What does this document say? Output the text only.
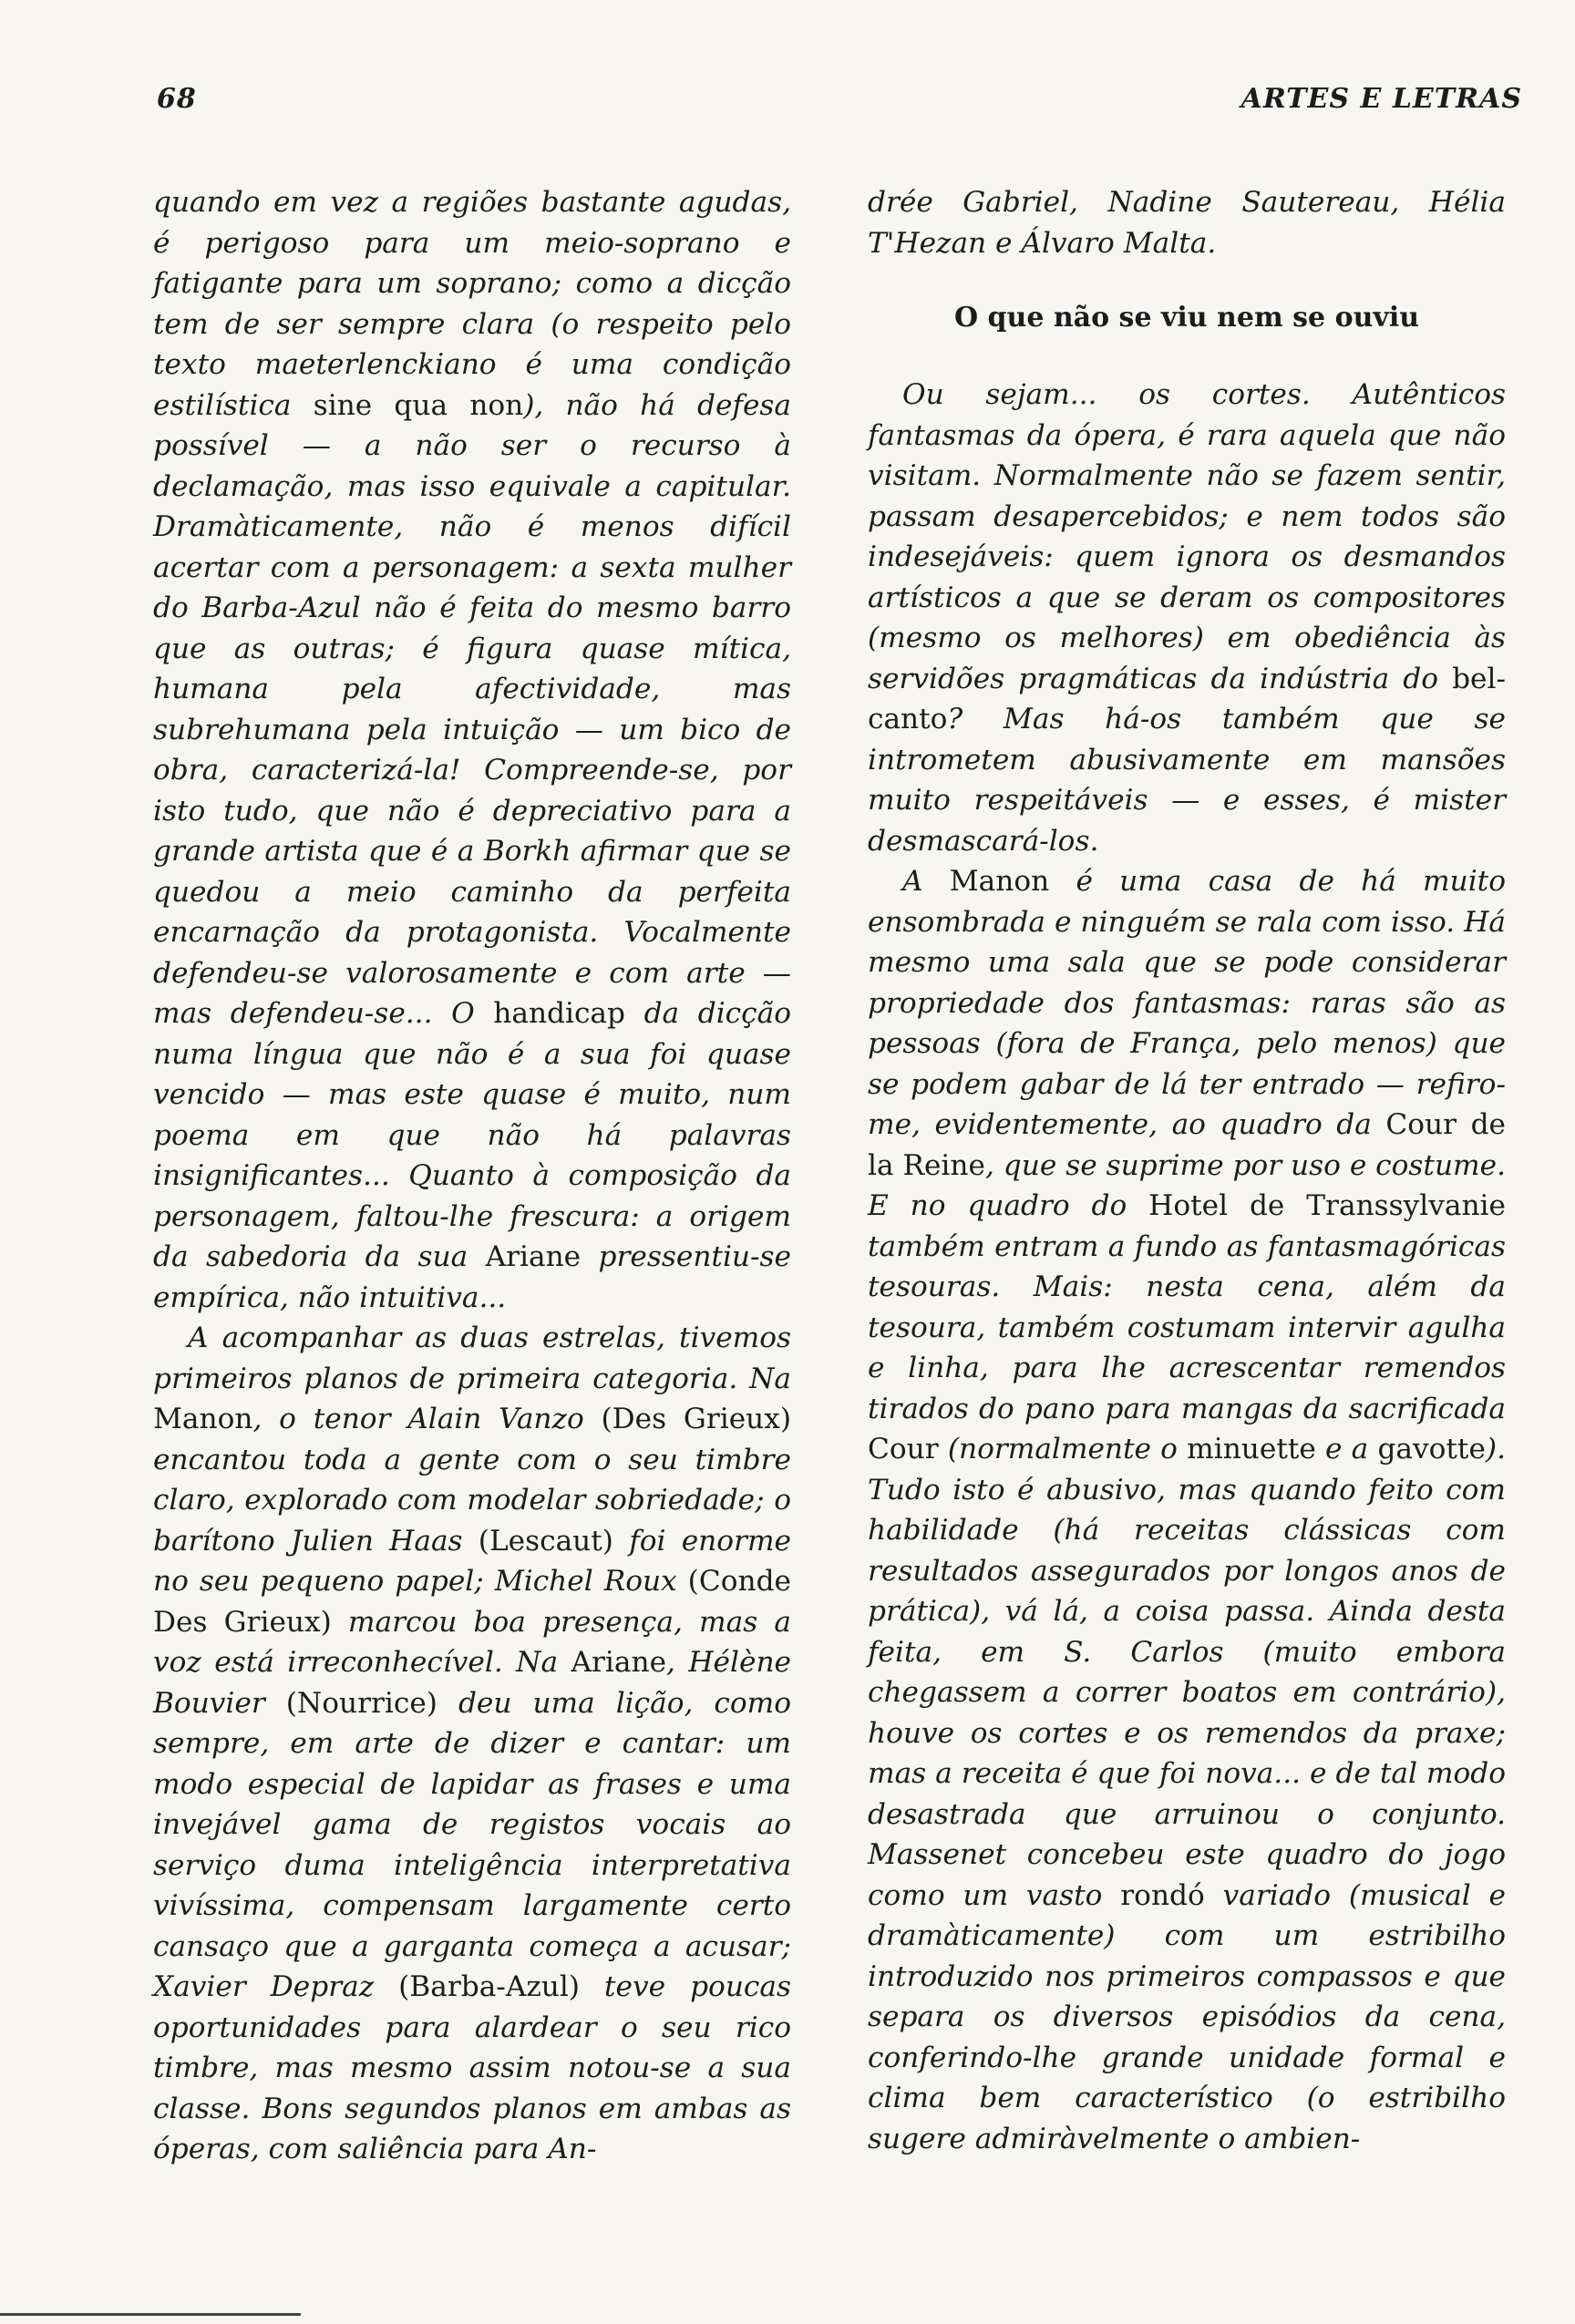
68	ARTES E LETRAS

quando em vez a regiões bastante agudas, é perigoso para um meio-soprano e fatigante para um soprano; como a dicção tem de ser sempre clara (o respeito pelo texto maeterlenckiano é uma condição estilística sine qua non), não há defesa possível — a não ser o recurso à declamação, mas isso equivale a capitular. Dramàticamente, não é menos difícil acertar com a personagem: a sexta mulher do Barba-Azul não é feita do mesmo barro que as outras; é figura quase mítica, humana pela afectividade, mas subrehumana pela intuição — um bico de obra, caracterizá-la! Compreende-se, por isto tudo, que não é depreciativo para a grande artista que é a Borkh afirmar que se quedou a meio caminho da perfeita encarnação da protagonista. Vocalmente defendeu-se valorosamente e com arte — mas defendeu-se... O handicap da dicção numa língua que não é a sua foi quase vencido — mas este quase é muito, num poema em que não há palavras insignificantes... Quanto à composição da personagem, faltou-lhe frescura: a origem da sabedoria da sua Ariane pressentiu-se empírica, não intuitiva...

A acompanhar as duas estrelas, tivemos primeiros planos de primeira categoria. Na Manon, o tenor Alain Vanzo (Des Grieux) encantou toda a gente com o seu timbre claro, explorado com modelar sobriedade; o barítono Julien Haas (Lescaut) foi enorme no seu pequeno papel; Michel Roux (Conde Des Grieux) marcou boa presença, mas a voz está irreconhecível. Na Ariane, Hélène Bouvier (Nourrice) deu uma lição, como sempre, em arte de dizer e cantar: um modo especial de lapidar as frases e uma invejável gama de registos vocais ao serviço duma inteligência interpretativa vivíssima, compensam largamente certo cansaço que a garganta começa a acusar; Xavier Depraz (Barba-Azul) teve poucas oportunidades para alardear o seu rico timbre, mas mesmo assim notou-se a sua classe. Bons segundos planos em ambas as óperas, com saliência para An-

drée Gabriel, Nadine Sautereau, Hélia T'Hezan e Álvaro Malta.

O que não se viu nem se ouviu

Ou sejam... os cortes. Autênticos fantasmas da ópera, é rara aquela que não visitam. Normalmente não se fazem sentir, passam desapercebidos; e nem todos são indesejáveis: quem ignora os desmandos artísticos a que se deram os compositores (mesmo os melhores) em obediência às servidões pragmáticas da indústria do bel-canto? Mas há-os também que se intrometem abusivamente em mansões muito respeitáveis — e esses, é mister desmascará-los.

A Manon é uma casa de há muito ensombrada e ninguém se rala com isso. Há mesmo uma sala que se pode considerar propriedade dos fantasmas: raras são as pessoas (fora de França, pelo menos) que se podem gabar de lá ter entrado — refiro-me, evidentemente, ao quadro da Cour de la Reine, que se suprime por uso e costume. E no quadro do Hotel de Transsylvanie também entram a fundo as fantasmagóricas tesouras. Mais: nesta cena, além da tesoura, também costumam intervir agulha e linha, para lhe acrescentar remendos tirados do pano para mangas da sacrificada Cour (normalmente o minuette e a gavotte). Tudo isto é abusivo, mas quando feito com habilidade (há receitas clássicas com resultados assegurados por longos anos de prática), vá lá, a coisa passa. Ainda desta feita, em S. Carlos (muito embora chegassem a correr boatos em contrário), houve os cortes e os remendos da praxe; mas a receita é que foi nova... e de tal modo desastrada que arruinou o conjunto. Massenet concebeu este quadro do jogo como um vasto rondó variado (musical e dramàticamente) com um estribilho introduzido nos primeiros compassos e que separa os diversos episódios da cena, conferindo-lhe grande unidade formal e clima bem característico (o estribilho sugere admiràvelmente o ambien-
